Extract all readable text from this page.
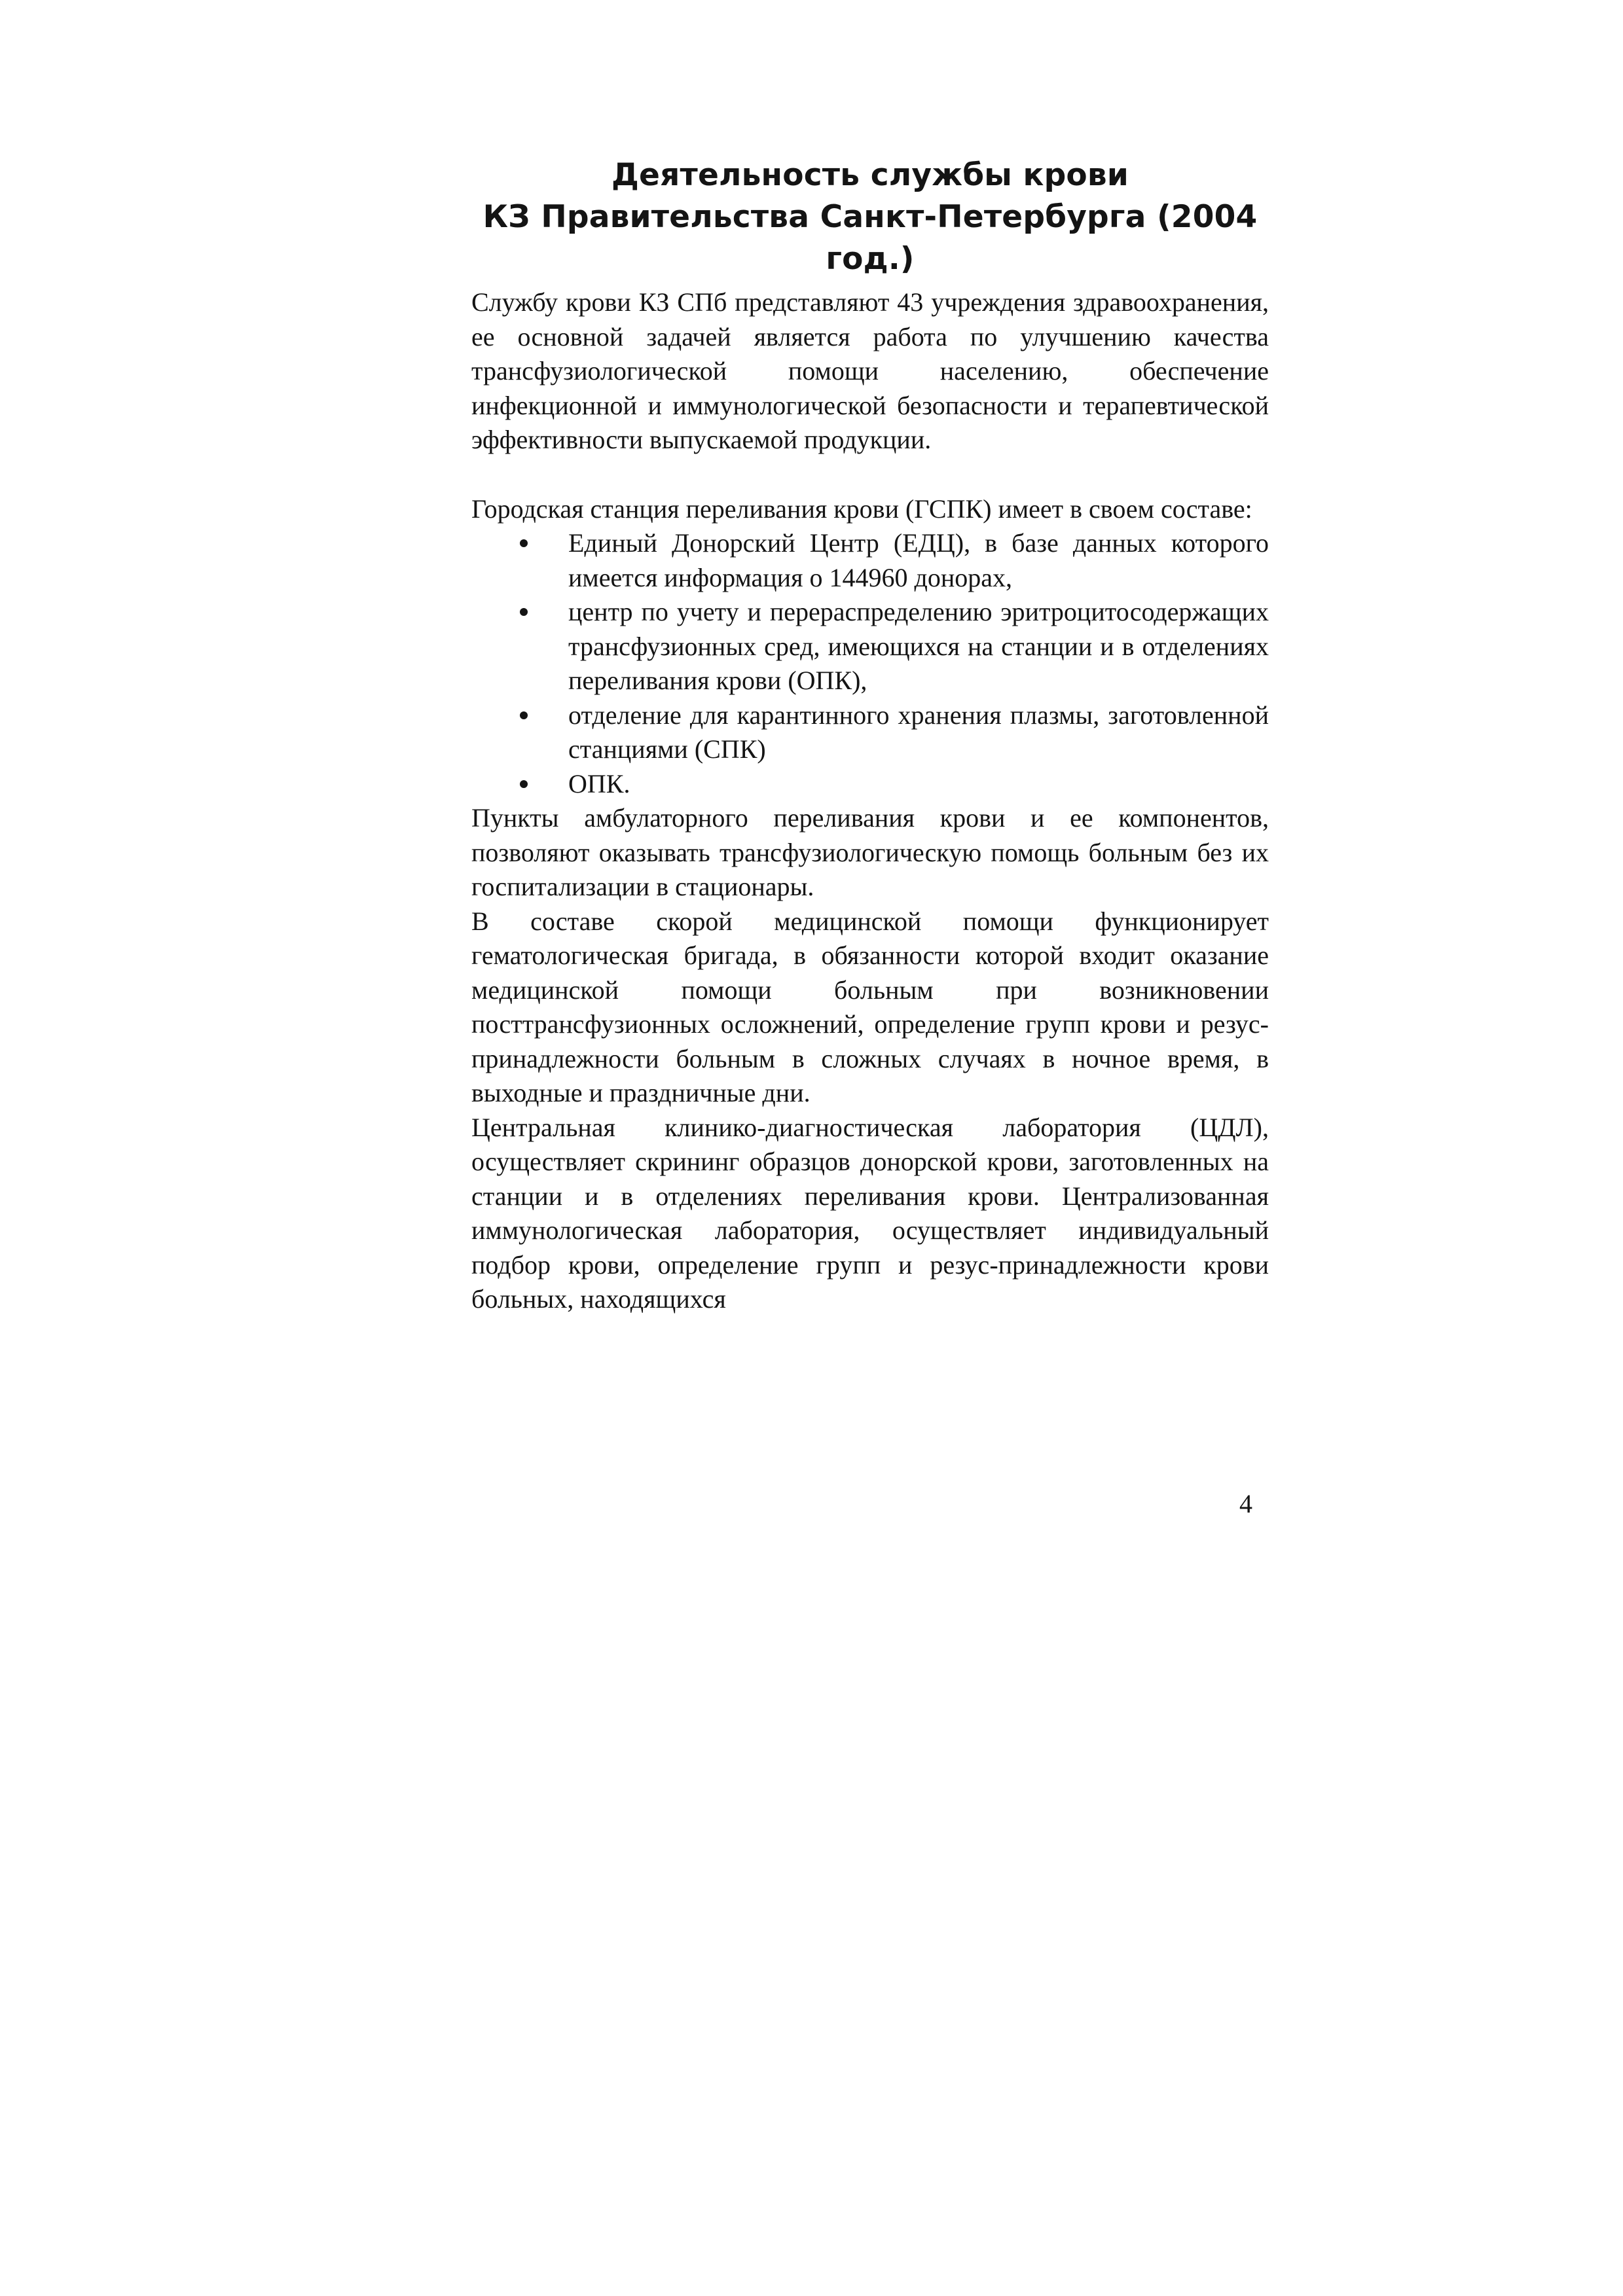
Деятельность службы крови
КЗ Правительства Санкт-Петербурга (2004
год.)

Службу крови КЗ СПб представляют 43 учреждения здравоохранения, ее основной задачей является работа по улучшению качества трансфузиологической помощи населению, обеспечение инфекционной и иммунологической безопасности и терапевтической эффективности выпускаемой продукции.

Городская станция переливания крови (ГСПК) имеет в своем составе:

Единый Донорский Центр (ЕДЦ), в базе данных которого имеется информация о 144960 донорах,
центр по учету и перераспределению эритроцитосодержащих трансфузионных сред, имеющихся на станции и в отделениях переливания крови (ОПК),
отделение для карантинного хранения плазмы, заготовленной станциями (СПК)
ОПК.

Пункты амбулаторного переливания крови и ее компонентов, позволяют оказывать трансфузиологическую помощь больным без их госпитализации в стационары.

В составе скорой медицинской помощи функционирует гематологическая бригада, в обязанности которой входит оказание медицинской помощи больным при возникновении посттрансфузионных осложнений, определение групп крови и резус-принадлежности больным в сложных случаях в ночное время, в выходные и праздничные дни.

Центральная клинико-диагностическая лаборатория (ЦДЛ), осуществляет скрининг образцов донорской крови, заготовленных на станции и в отделениях переливания крови. Централизованная иммунологическая лаборатория, осуществляет индивидуальный подбор крови, определение групп и резус-принадлежности крови больных, находящихся

4
